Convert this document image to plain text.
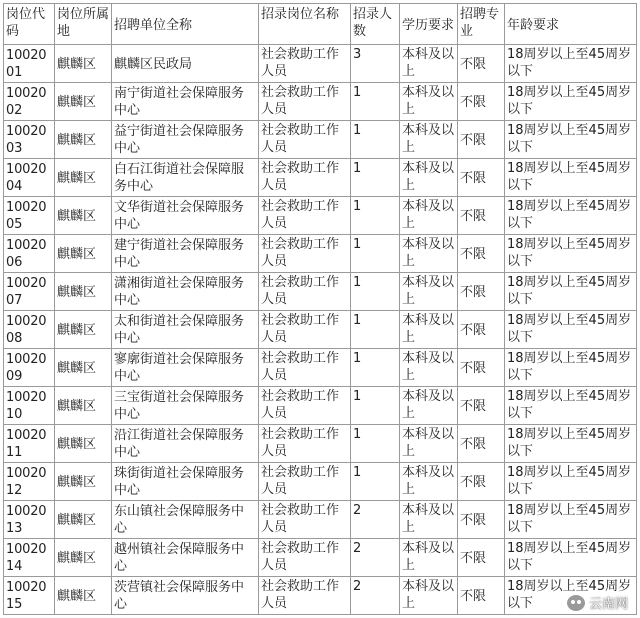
岗位代码	岗位所属地	招聘单位全称	招录岗位名称	招录人数	学历要求	招聘专业	年龄要求
1002001	麒麟区	麒麟区民政局	社会救助工作人员	3	本科及以上	不限	18周岁以上至45周岁以下
1002002	麒麟区	南宁街道社会保障服务中心	社会救助工作人员	1	本科及以上	不限	18周岁以上至45周岁以下
1002003	麒麟区	益宁街道社会保障服务中心	社会救助工作人员	1	本科及以上	不限	18周岁以上至45周岁以下
1002004	麒麟区	白石江街道社会保障服务中心	社会救助工作人员	1	本科及以上	不限	18周岁以上至45周岁以下
1002005	麒麟区	文华街道社会保障服务中心	社会救助工作人员	1	本科及以上	不限	18周岁以上至45周岁以下
1002006	麒麟区	建宁街道社会保障服务中心	社会救助工作人员	1	本科及以上	不限	18周岁以上至45周岁以下
1002007	麒麟区	潇湘街道社会保障服务中心	社会救助工作人员	1	本科及以上	不限	18周岁以上至45周岁以下
1002008	麒麟区	太和街道社会保障服务中心	社会救助工作人员	1	本科及以上	不限	18周岁以上至45周岁以下
1002009	麒麟区	寥廓街道社会保障服务中心	社会救助工作人员	1	本科及以上	不限	18周岁以上至45周岁以下
1002010	麒麟区	三宝街道社会保障服务中心	社会救助工作人员	1	本科及以上	不限	18周岁以上至45周岁以下
1002011	麒麟区	沿江街道社会保障服务中心	社会救助工作人员	1	本科及以上	不限	18周岁以上至45周岁以下
1002012	麒麟区	珠街街道社会保障服务中心	社会救助工作人员	1	本科及以上	不限	18周岁以上至45周岁以下
1002013	麒麟区	东山镇社会保障服务中心	社会救助工作人员	2	本科及以上	不限	18周岁以上至45周岁以下
1002014	麒麟区	越州镇社会保障服务中心	社会救助工作人员	2	本科及以上	不限	18周岁以上至45周岁以下
1002015	麒麟区	茨营镇社会保障服务中心	社会救助工作人员	2	本科及以上	不限	18周岁以上至45周岁以下	云南网
